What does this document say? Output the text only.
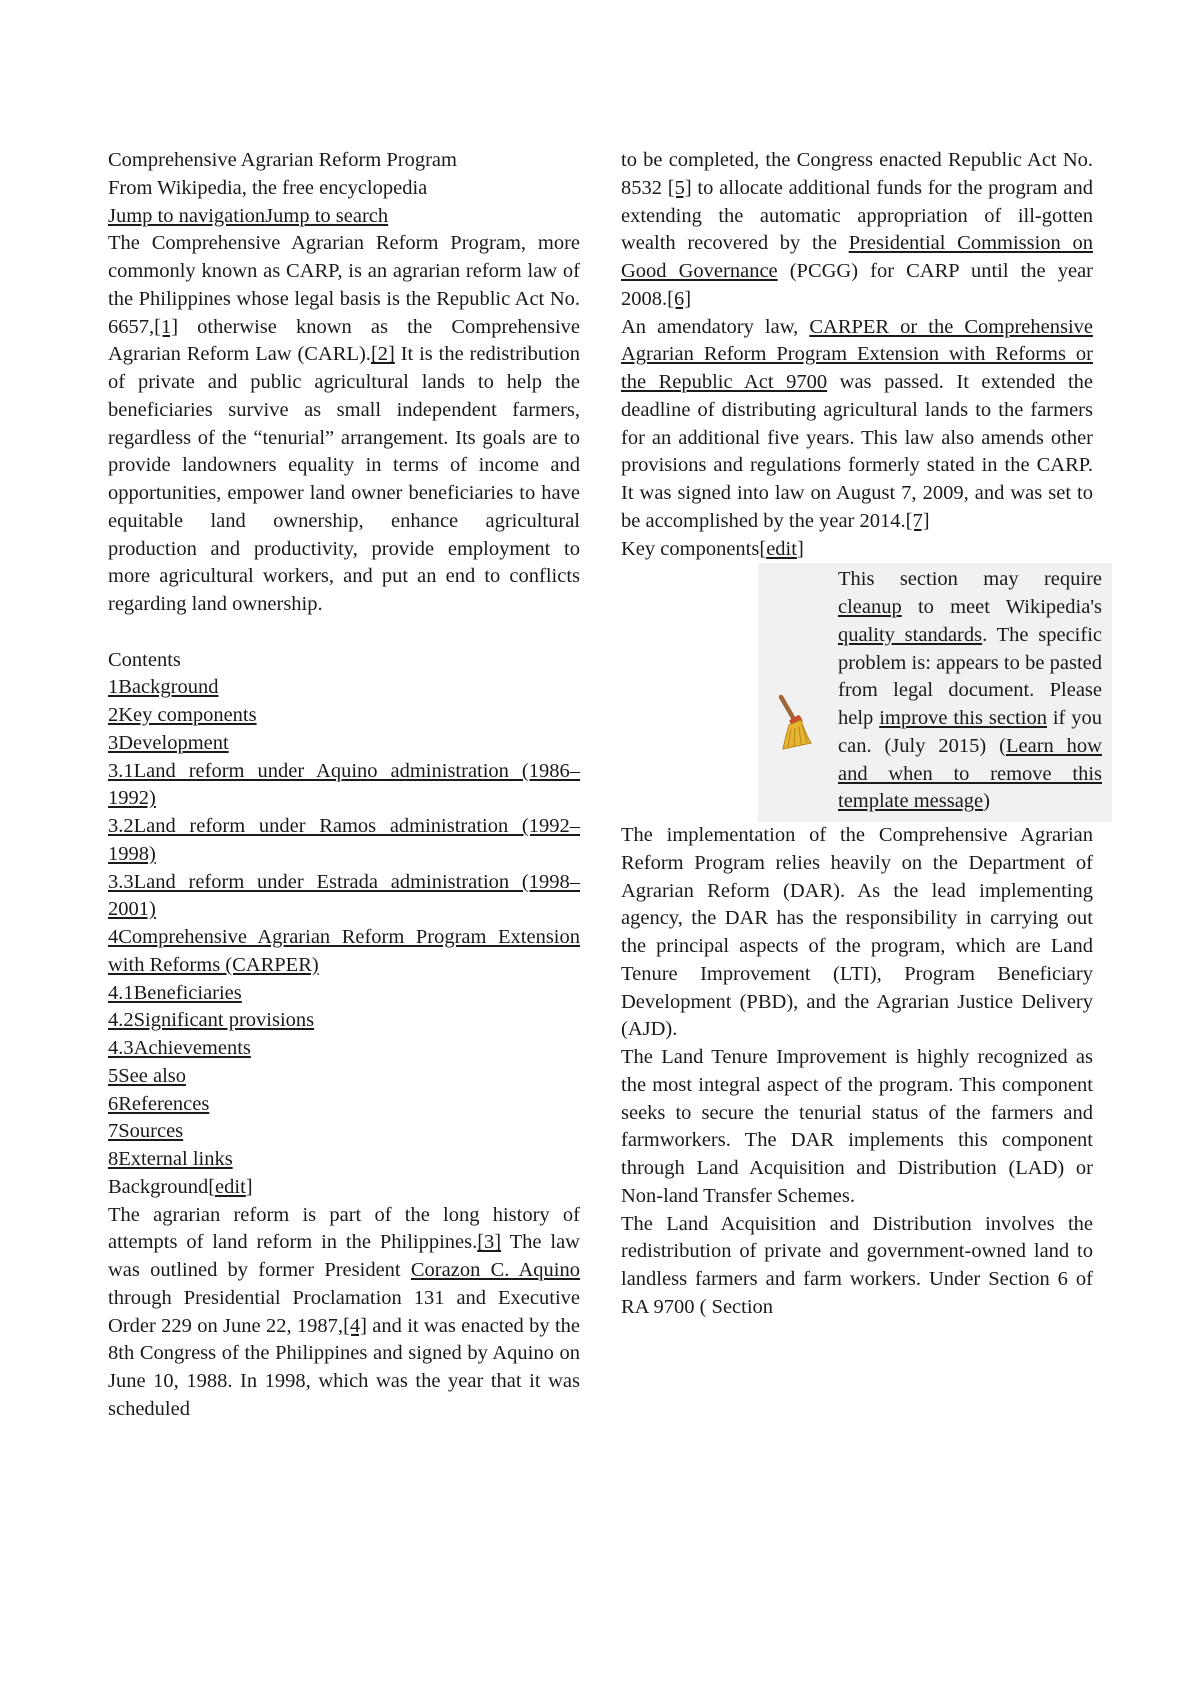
Comprehensive Agrarian Reform Program
From Wikipedia, the free encyclopedia
Jump to navigationJump to search

The Comprehensive Agrarian Reform Program, more commonly known as CARP, is an agrarian reform law of the Philippines whose legal basis is the Republic Act No. 6657,[1] otherwise known as the Comprehensive Agrarian Reform Law (CARL).[2] It is the redistribution of private and public agricultural lands to help the beneficiaries survive as small independent farmers, regardless of the “tenurial” arrangement. Its goals are to provide landowners equality in terms of income and opportunities, empower land owner beneficiaries to have equitable land ownership, enhance agricultural production and productivity, provide employment to more agricultural workers, and put an end to conflicts regarding land ownership.

Contents
1Background
2Key components
3Development
3.1Land reform under Aquino administration (1986–1992)
3.2Land reform under Ramos administration (1992–1998)
3.3Land reform under Estrada administration (1998–2001)
4Comprehensive Agrarian Reform Program Extension with Reforms (CARPER)
4.1Beneficiaries
4.2Significant provisions
4.3Achievements
5See also
6References
7Sources
8External links
Background[edit]

The agrarian reform is part of the long history of attempts of land reform in the Philippines.[3] The law was outlined by former President Corazon C. Aquino through Presidential Proclamation 131 and Executive Order 229 on June 22, 1987,[4] and it was enacted by the 8th Congress of the Philippines and signed by Aquino on June 10, 1988. In 1998, which was the year that it was scheduled

to be completed, the Congress enacted Republic Act No. 8532 [5] to allocate additional funds for the program and extending the automatic appropriation of ill-gotten wealth recovered by the Presidential Commission on Good Governance (PCGG) for CARP until the year 2008.[6]

An amendatory law, CARPER or the Comprehensive Agrarian Reform Program Extension with Reforms or the Republic Act 9700 was passed. It extended the deadline of distributing agricultural lands to the farmers for an additional five years. This law also amends other provisions and regulations formerly stated in the CARP. It was signed into law on August 7, 2009, and was set to be accomplished by the year 2014.[7]

Key components[edit]

This section may require cleanup to meet Wikipedia's quality standards. The specific problem is: appears to be pasted from legal document. Please help improve this section if you can. (July 2015) (Learn how and when to remove this template message)

The implementation of the Comprehensive Agrarian Reform Program relies heavily on the Department of Agrarian Reform (DAR). As the lead implementing agency, the DAR has the responsibility in carrying out the principal aspects of the program, which are Land Tenure Improvement (LTI), Program Beneficiary Development (PBD), and the Agrarian Justice Delivery (AJD).

The Land Tenure Improvement is highly recognized as the most integral aspect of the program. This component seeks to secure the tenurial status of the farmers and farmworkers. The DAR implements this component through Land Acquisition and Distribution (LAD) or Non-land Transfer Schemes.

The Land Acquisition and Distribution involves the redistribution of private and government-owned land to landless farmers and farm workers. Under Section 6 of RA 9700 ( Section
